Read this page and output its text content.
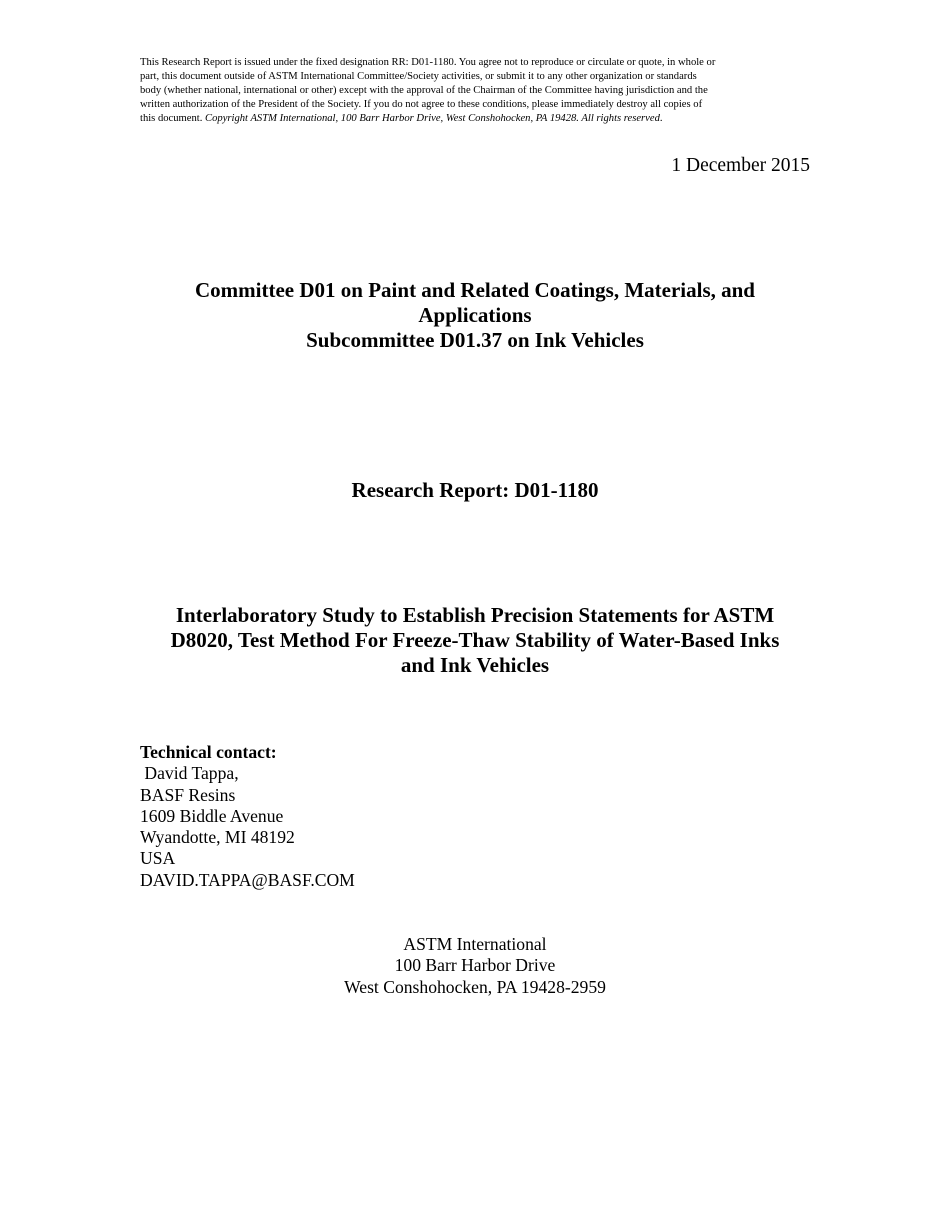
This Research Report is issued under the fixed designation RR: D01-1180. You agree not to reproduce or circulate or quote, in whole or
part, this document outside of ASTM International Committee/Society activities, or submit it to any other organization or standards
body (whether national, international or other) except with the approval of the Chairman of the Committee having jurisdiction and the
written authorization of the President of the Society. If you do not agree to these conditions, please immediately destroy all copies of
this document. Copyright ASTM International, 100 Barr Harbor Drive, West Conshohocken, PA 19428. All rights reserved.
1 December 2015
Committee D01 on Paint and Related Coatings, Materials, and
Applications
Subcommittee D01.37 on Ink Vehicles
Research Report: D01-1180
Interlaboratory Study to Establish Precision Statements for ASTM
D8020, Test Method For Freeze-Thaw Stability of Water-Based Inks
and Ink Vehicles
Technical contact:
David Tappa,
BASF Resins
1609 Biddle Avenue
Wyandotte, MI 48192
USA
DAVID.TAPPA@BASF.COM
ASTM International
100 Barr Harbor Drive
West Conshohocken, PA 19428-2959
